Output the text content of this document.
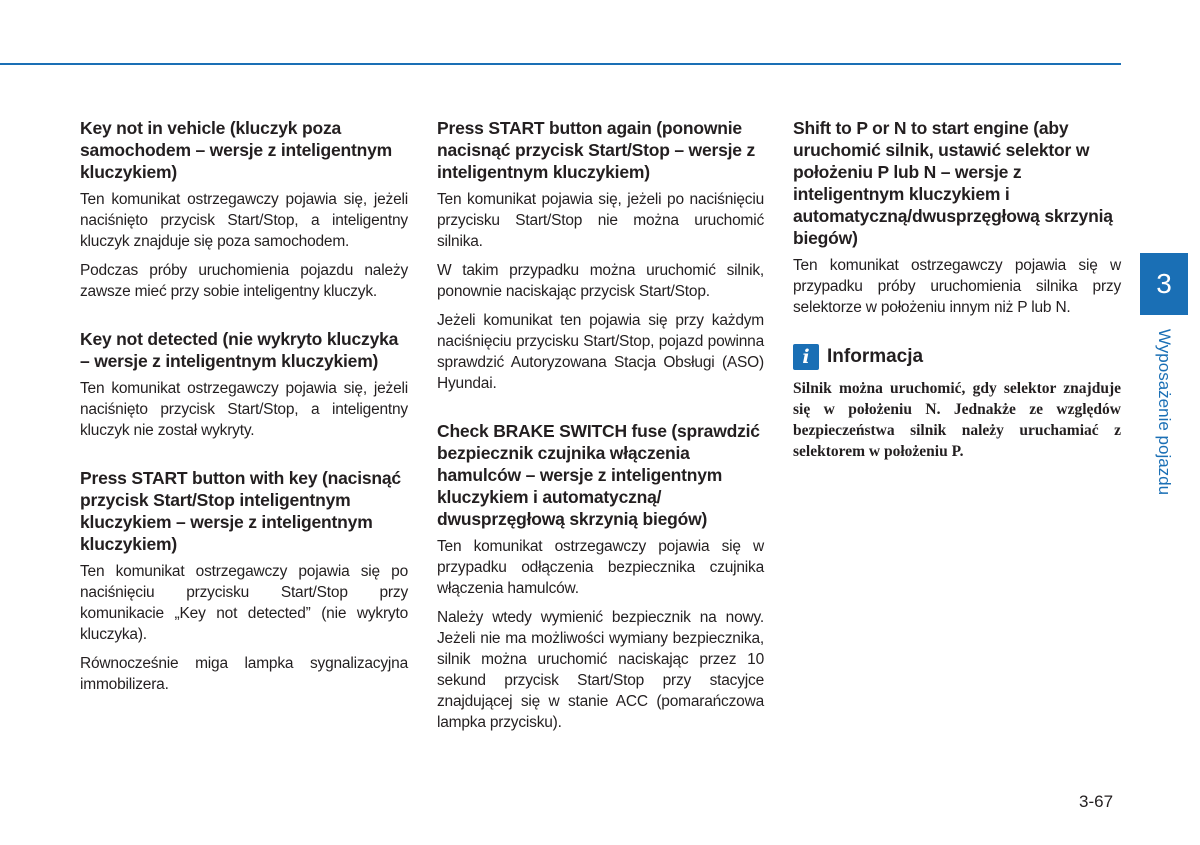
Key not in vehicle (kluczyk poza samochodem – wersje z inteligentnym kluczykiem)

Ten komunikat ostrzegawczy pojawia się, jeżeli naciśnięto przycisk Start/Stop, a inteligentny kluczyk znajduje się poza samochodem.

Podczas próby uruchomienia pojazdu należy zawsze mieć przy sobie inteligentny kluczyk.

Key not detected (nie wykryto kluczyka – wersje z inteligentnym kluczykiem)

Ten komunikat ostrzegawczy pojawia się, jeżeli naciśnięto przycisk Start/Stop, a inteligentny kluczyk nie został wykryty.

Press START button with key (nacisnąć przycisk Start/Stop inteligentnym kluczykiem – wersje z inteligentnym kluczykiem)

Ten komunikat ostrzegawczy pojawia się po naciśnięciu przycisku Start/Stop przy komunikacie „Key not detected” (nie wykryto kluczyka).

Równocześnie miga lampka sygnalizacyjna immobilizera.

Press START button again (ponownie nacisnąć przycisk Start/Stop – wersje z inteligentnym kluczykiem)

Ten komunikat pojawia się, jeżeli po naciśnięciu przycisku Start/Stop nie można uruchomić silnika.

W takim przypadku można uruchomić silnik, ponownie naciskając przycisk Start/Stop.

Jeżeli komunikat ten pojawia się przy każdym naciśnięciu przycisku Start/Stop, pojazd powinna sprawdzić Autoryzowana Stacja Obsługi (ASO) Hyundai.

Check BRAKE SWITCH fuse (sprawdzić bezpiecznik czujnika włączenia hamulców – wersje z inteligentnym kluczykiem i automatyczną/ dwusprzęgłową skrzynią biegów)

Ten komunikat ostrzegawczy pojawia się w przypadku odłączenia bezpiecznika czujnika włączenia hamulców.

Należy wtedy wymienić bezpiecznik na nowy. Jeżeli nie ma możliwości wymiany bezpiecznika, silnik można uruchomić naciskając przez 10 sekund przycisk Start/Stop przy stacyjce znajdującej się w stanie ACC (pomarańczowa lampka przycisku).

Shift to P or N to start engine (aby uruchomić silnik, ustawić selektor w położeniu P lub N – wersje z inteligentnym kluczykiem i automatyczną/dwusprzęgłową skrzynią biegów)

Ten komunikat ostrzegawczy pojawia się w przypadku próby uruchomienia silnika przy selektorze w położeniu innym niż P lub N.

i Informacja

Silnik można uruchomić, gdy selektor znajduje się w położeniu N. Jednakże ze względów bezpieczeństwa silnik należy uruchamiać z selektorem w położeniu P.

3
Wyposażenie pojazdu
3-67
